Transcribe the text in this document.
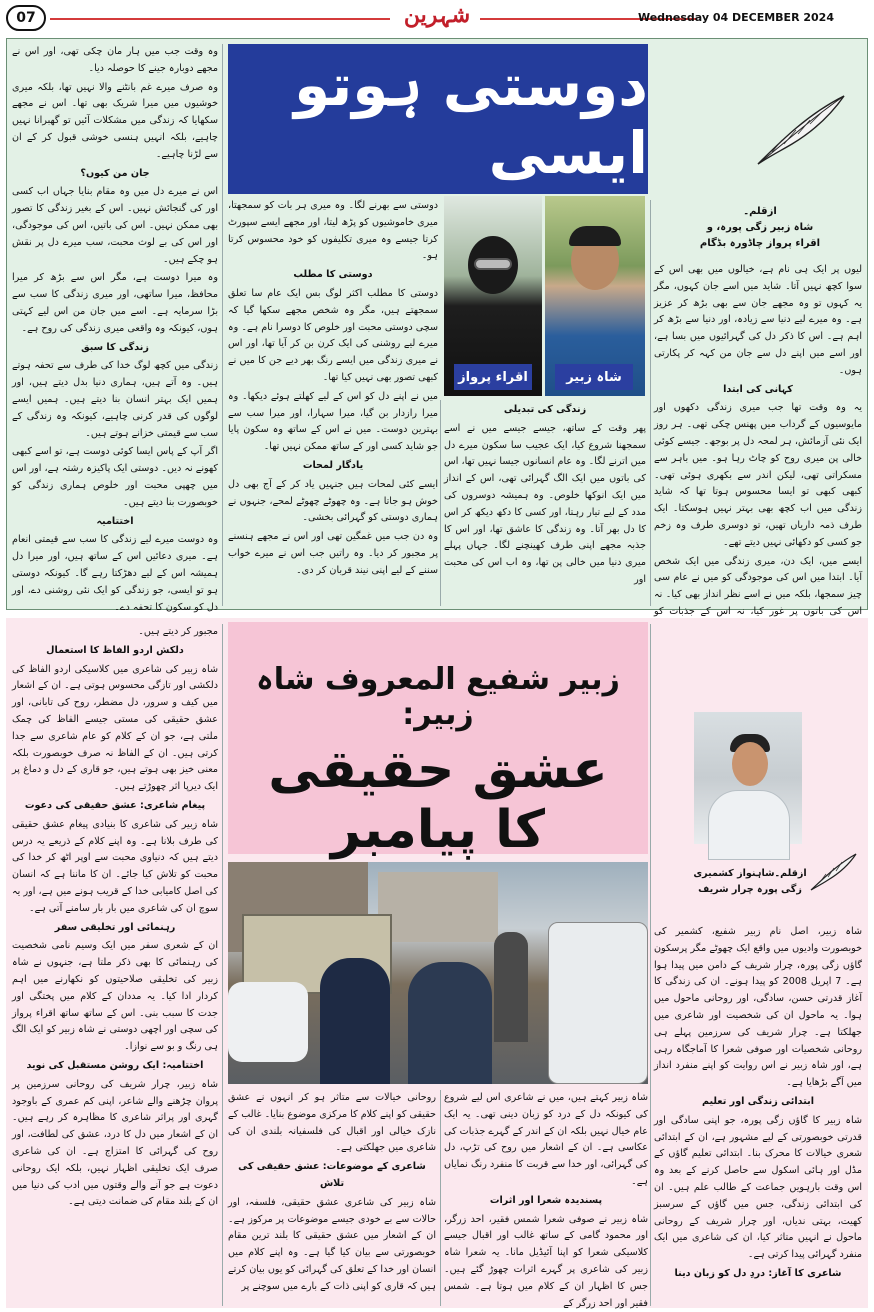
07	شہرین	Wednesday 04 DECEMBER 2024
دوستی ہوتو ایسی
ازقلم۔
شاہ زبیر زگی پورہ، و
اقراء پرواز چاڈورہ بڈگام

لیوں پر ایک ہی نام ہے، خیالوں میں بھی اس کے سوا کچھ نہیں آتا۔ شاید میں اسے جان کہوں، مگر یہ کہوں تو وہ مجھے جان سے بھی بڑھ کر عزیز ہے۔ وہ میرے لیے دنیا سے زیادہ، اور دنیا سے بڑھ کر اہم ہے۔ اس کا ذکر دل کی گہرائیوں میں بسا ہے، اور اسے میں اپنے دل سے جان من کہہ کر پکارتی ہوں۔

کہانی کی ابتدا

یہ وہ وقت تھا جب میری زندگی دکھوں اور مایوسیوں کے گرداب میں پھنس چکی تھی۔ ہر روز ایک نئی آزمائش، ہر لمحہ دل پر بوجھ۔ جیسے کوئی خالی پن میری روح کو چاٹ رہا ہو۔ میں باہر سے مسکراتی تھی، لیکن اندر سے بکھری ہوئی تھی۔ کبھی کبھی تو ایسا محسوس ہوتا تھا کہ شاید زندگی میں اب کچھ بھی بہتر نہیں ہوسکتا۔ ایک طرف ذمہ داریاں تھیں، تو دوسری طرف وہ زخم جو کسی کو دکھائی نہیں دیتے تھے۔

ایسے میں، ایک دن، میری زندگی میں ایک شخص آیا۔ ابتدا میں اس کی موجودگی کو میں نے عام سی چیز سمجھا، بلکہ میں نے اسے نظر انداز بھی کیا۔ نہ اس کی باتوں پر غور کیا، نہ اس کے جذبات کو

اقراء پرواز	شاہ زبیر

دوستی سے بھرنے لگا۔ وہ میری ہر بات کو سمجھتا، میری خاموشیوں کو پڑھ لیتا، اور مجھے ایسے سپورٹ کرتا جیسے وہ میری تکلیفوں کو خود محسوس کرتا ہو۔

دوستی کا مطلب

دوستی کا مطلب اکثر لوگ بس ایک عام سا تعلق سمجھتے ہیں، مگر وہ شخص مجھے سکھا گیا کہ سچی دوستی محبت اور خلوص کا دوسرا نام ہے۔ وہ میرے لیے روشنی کی ایک کرن بن کر آیا تھا، اور اس نے میری زندگی میں ایسے رنگ بھر دیے جن کا میں نے کبھی تصور بھی نہیں کیا تھا۔

میں نے اپنے دل کو اس کے لیے کھلتے ہوئے دیکھا۔ وہ میرا رازدار بن گیا، میرا سہارا، اور میرا سب سے بہترین دوست۔ میں نے اس کے ساتھ وہ سکون پایا جو شاید کسی اور کے ساتھ ممکن نہیں تھا۔

یادگار لمحات

ایسے کئی لمحات ہیں جنہیں یاد کر کے آج بھی دل خوش ہو جاتا ہے۔ وہ چھوٹے چھوٹے لمحے، جنہوں نے ہماری دوستی کو گہرائی بخشی۔

وہ دن جب میں غمگین تھی اور اس نے مجھے ہنسنے پر مجبور کر دیا۔ وہ راتیں جب اس نے میرے خواب سننے کے لیے اپنی نیند قربان کر دی۔

زندگی کی تبدیلی

پھر وقت کے ساتھ، جیسے جیسے میں نے اسے سمجھنا شروع کیا، ایک عجیب سا سکون میرے دل میں اترنے لگا۔ وہ عام انسانوں جیسا نہیں تھا، اس کی باتوں میں ایک الگ گہرائی تھی، اس کے انداز میں ایک انوکھا خلوص۔ وہ ہمیشہ دوسروں کی مدد کے لیے تیار رہتا، اور کسی کا دکھ دیکھ کر اس کا دل بھر آتا۔ وہ زندگی کا عاشق تھا، اور اس کا جذبہ مجھے اپنی طرف کھینچنے لگا۔ جہاں پہلے میری دنیا میں خالی پن تھا، وہ اب اس کی محبت اور

وہ وقت جب میں ہار مان چکی تھی، اور اس نے مجھے دوبارہ جینے کا حوصلہ دیا۔

وہ صرف میرے غم بانٹنے والا نہیں تھا، بلکہ میری خوشیوں میں میرا شریک بھی تھا۔ اس نے مجھے سکھایا کہ زندگی میں مشکلات آئیں تو گھبرانا نہیں چاہیے، بلکہ انہیں ہنسی خوشی قبول کر کے ان سے لڑنا چاہیے۔

جان من کیوں؟

اس نے میرے دل میں وہ مقام بنایا جہاں اب کسی اور کی گنجائش نہیں۔ اس کے بغیر زندگی کا تصور بھی ممکن نہیں۔ اس کی باتیں، اس کی موجودگی، اور اس کی بے لوث محبت، سب میرے دل پر نقش ہو چکے ہیں۔

وہ میرا دوست ہے، مگر اس سے بڑھ کر میرا محافظ، میرا ساتھی، اور میری زندگی کا سب سے بڑا سرمایہ ہے۔ اسے میں جان من اس لیے کہتی ہوں، کیونکہ وہ واقعی میری زندگی کی روح ہے۔

زندگی کا سبق

زندگی میں کچھ لوگ خدا کی طرف سے تحفہ ہوتے ہیں۔ وہ آتے ہیں، ہماری دنیا بدل دیتے ہیں، اور ہمیں ایک بہتر انسان بنا دیتے ہیں۔ ہمیں ایسے لوگوں کی قدر کرنی چاہیے، کیونکہ وہ زندگی کے سب سے قیمتی خزانے ہوتے ہیں۔

اگر آپ کے پاس ایسا کوئی دوست ہے، تو اسے کبھی کھونے نہ دیں۔ دوستی ایک پاکیزہ رشتہ ہے، اور اس میں چھپی محبت اور خلوص ہماری زندگی کو خوبصورت بنا دیتے ہیں۔

اختتامیہ

وہ دوست میرے لیے زندگی کا سب سے قیمتی انعام ہے۔ میری دعائیں اس کے ساتھ ہیں، اور میرا دل ہمیشہ اس کے لیے دھڑکتا رہے گا۔ کیونکہ دوستی ہو تو ایسی، جو زندگی کو ایک نئی روشنی دے، اور دل کو سکون کا تحفہ دے۔

زبیر شفیع المعروف شاہ زبیر:
عشق حقیقی کا پیامبر
ازقلم۔شاہنواز کشمیری
زگی پورہ چرار شریف

شاہ زبیر، اصل نام زبیر شفیع، کشمیر کی خوبصورت وادیوں میں واقع ایک چھوٹے مگر پرسکون گاؤں زگی پورہ، چرار شریف کے دامن میں پیدا ہوا ہے۔ 7 اپریل 2008 کو پیدا ہونے۔ ان کی زندگی کا آغاز قدرتی حسن، سادگی، اور روحانی ماحول میں ہوا۔ یہ ماحول ان کی شخصیت اور شاعری میں جھلکتا ہے۔ چرار شریف کی سرزمین پہلے ہی روحانی شخصیات اور صوفی شعرا کا آماجگاہ رہی ہے، اور شاہ زبیر نے اس روایت کو اپنے منفرد انداز میں آگے بڑھایا ہے۔

ابتدائی زندگی اور تعلیم

شاہ زبیر کا گاؤں زگی پورہ، جو اپنی سادگی اور قدرتی خوبصورتی کے لیے مشہور ہے، ان کے ابتدائی شعری خیالات کا محرک بنا۔ ابتدائی تعلیم گاؤں کے مڈل اور ہائی اسکول سے حاصل کرنے کے بعد وہ اس وقت بارہویں جماعت کے طالب علم ہیں۔ ان کی ابتدائی زندگی، جس میں گاؤں کے سرسبز کھیت، بہتی ندیاں، اور چرار شریف کے روحانی ماحول نے انہیں متاثر کیا، ان کی شاعری میں ایک منفرد گہرائی پیدا کرتی ہے۔

شاعری کا آغاز: دردِ دل کو زبان دینا

شاہ زبیر کہتے ہیں، میں نے شاعری اس لیے شروع کی کیونکہ دل کے درد کو زبان دینی تھی۔ یہ ایک عام خیال نہیں بلکہ ان کے اندر کے گہرے جذبات کی عکاسی ہے۔ ان کے اشعار میں روح کی تڑپ، دل کی گہرائی، اور خدا سے قربت کا منفرد رنگ نمایاں ہے۔

پسندیدہ شعرا اور اثرات

شاہ زبیر نے صوفی شعرا شمس فقیر، احد زرگر، اور محمود گامی کے ساتھ غالب اور اقبال جیسے کلاسیکی شعرا کو اپنا آئیڈیل مانا۔ یہ شعرا شاہ زبیر کی شاعری پر گہرے اثرات چھوڑ گئے ہیں۔ جس کا اظہار ان کے کلام میں ہوتا ہے۔ شمس فقیر اور احد زرگر کے

روحانی خیالات سے متاثر ہو کر انہوں نے عشق حقیقی کو اپنے کلام کا مرکزی موضوع بنایا۔ غالب کے نازک خیالی اور اقبال کی فلسفیانہ بلندی ان کی شاعری میں جھلکتی ہے۔

شاعری کے موضوعات: عشق حقیقی کی تلاش

شاہ زبیر کی شاعری عشق حقیقی، فلسفہ، اور حالات سے بے خودی جیسے موضوعات پر مرکوز ہے۔ ان کے اشعار میں عشق حقیقی کا بلند ترین مقام خوبصورتی سے بیان کیا گیا ہے۔ وہ اپنے کلام میں انسان اور خدا کے تعلق کی گہرائی کو یوں بیان کرتے ہیں کہ قاری کو اپنی ذات کے بارے میں سوچنے پر

مجبور کر دیتے ہیں۔

دلکش اردو الفاظ کا استعمال

شاہ زبیر کی شاعری میں کلاسیکی اردو الفاظ کی دلکشی اور تازگی محسوس ہوتی ہے۔ ان کے اشعار میں کیف و سرور، دل مضطر، روح کی تابانی، اور عشق حقیقی کی مستی جیسے الفاظ کی چمک ملتی ہے، جو ان کے کلام کو عام شاعری سے جدا کرتی ہیں۔ ان کے الفاظ نہ صرف خوبصورت بلکہ معنی خیز بھی ہوتے ہیں، جو قاری کے دل و دماغ پر ایک دیرپا اثر چھوڑتے ہیں۔

پیغام شاعری: عشق حقیقی کی دعوت

شاہ زبیر کی شاعری کا بنیادی پیغام عشق حقیقی کی طرف بلانا ہے۔ وہ اپنے کلام کے ذریعے یہ درس دیتے ہیں کہ دنیاوی محبت سے اوپر اٹھ کر خدا کی محبت کو تلاش کیا جائے۔ ان کا ماننا ہے کہ انسان کی اصل کامیابی خدا کے قریب ہونے میں ہے، اور یہ سوچ ان کی شاعری میں بار بار سامنے آتی ہے۔

رہنمائی اور تخلیقی سفر

ان کے شعری سفر میں ایک وسیم نامی شخصیت کی رہنمائی کا بھی ذکر ملتا ہے، جنہوں نے شاہ زبیر کی تخلیقی صلاحیتوں کو نکھارنے میں اہم کردار ادا کیا۔ یہ مددان کے کلام میں پختگی اور جدت کا سبب بنی۔ اس کے ساتھ ساتھ اقراء پرواز کی سچی اور اچھی دوستی نے شاہ زبیر کو ایک الگ ہی رنگ و بو سے نوازا۔

اختتامیہ: ایک روشن مستقبل کی نوید

شاہ زبیر، چرار شریف کی روحانی سرزمین پر پروان چڑھنے والے شاعر، اپنی کم عمری کے باوجود گہری اور پراثر شاعری کا مظاہرہ کر رہے ہیں۔ ان کے اشعار میں دل کا درد، عشق کی لطافت، اور روح کی گہرائی کا امتزاج ہے۔ ان کی شاعری صرف ایک تخلیقی اظہار نہیں، بلکہ ایک روحانی دعوت ہے جو آنے والے وقتوں میں ادب کی دنیا میں ان کے بلند مقام کی ضمانت دیتی ہے۔
